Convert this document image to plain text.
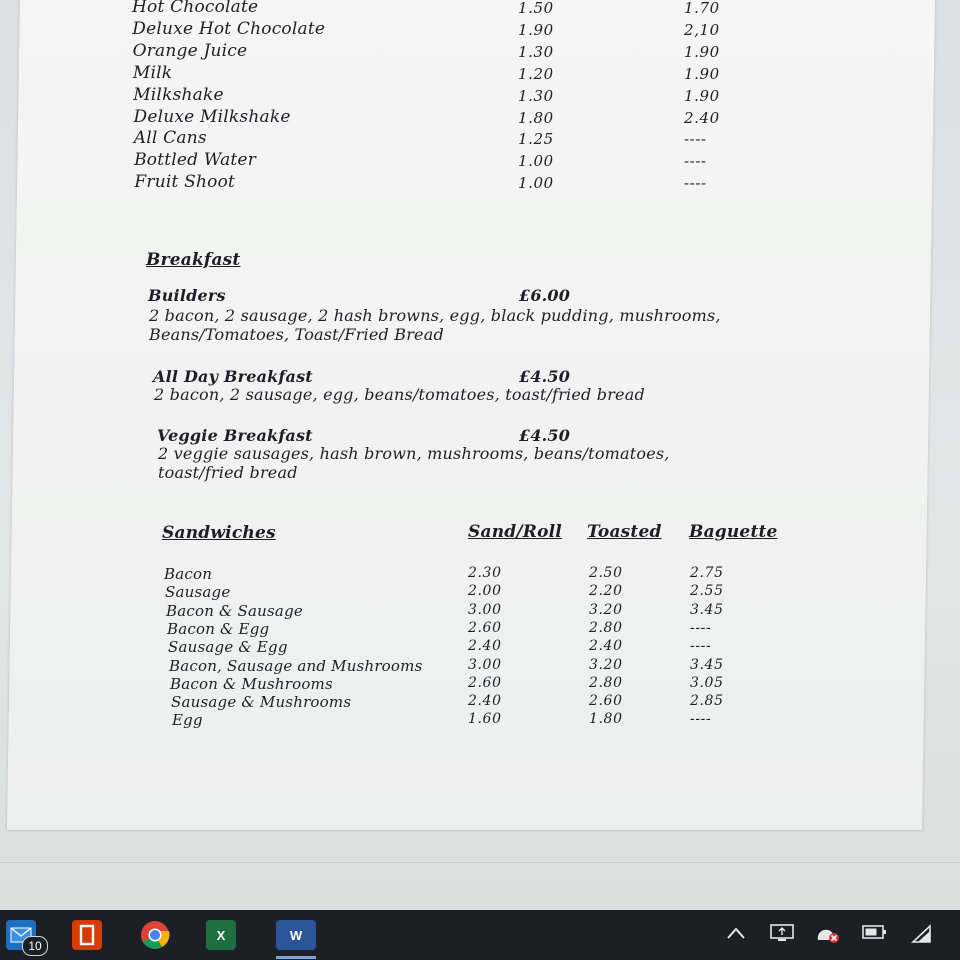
Hot Chocolate	1.50	1.70
Deluxe Hot Chocolate	1.90	2,10
Orange Juice	1.30	1.90
Milk	1.20	1.90
Milkshake	1.30	1.90
Deluxe Milkshake	1.80	2.40
All Cans	1.25	----
Bottled Water	1.00	----
Fruit Shoot	1.00	----
Breakfast
Builders	£6.00
2 bacon, 2 sausage, 2 hash browns, egg, black pudding, mushrooms, Beans/Tomatoes, Toast/Fried Bread
All Day Breakfast	£4.50
2 bacon, 2 sausage, egg, beans/tomatoes, toast/fried bread
Veggie Breakfast	£4.50
2 veggie sausages, hash brown, mushrooms, beans/tomatoes, toast/fried bread
Sandwiches	Sand/Roll Toasted Baguette
Bacon	2.30	2.50	2.75
Sausage	2.00	2.20	2.55
Bacon & Sausage	3.00	3.20	3.45
Bacon & Egg	2.60	2.80	----
Sausage & Egg	2.40	2.40	----
Bacon, Sausage and Mushrooms	3.00	3.20	3.45
Bacon & Mushrooms	2.60	2.80	3.05
Sausage & Mushrooms	2.40	2.60	2.85
Egg	1.60	1.80	----
10
X	W
